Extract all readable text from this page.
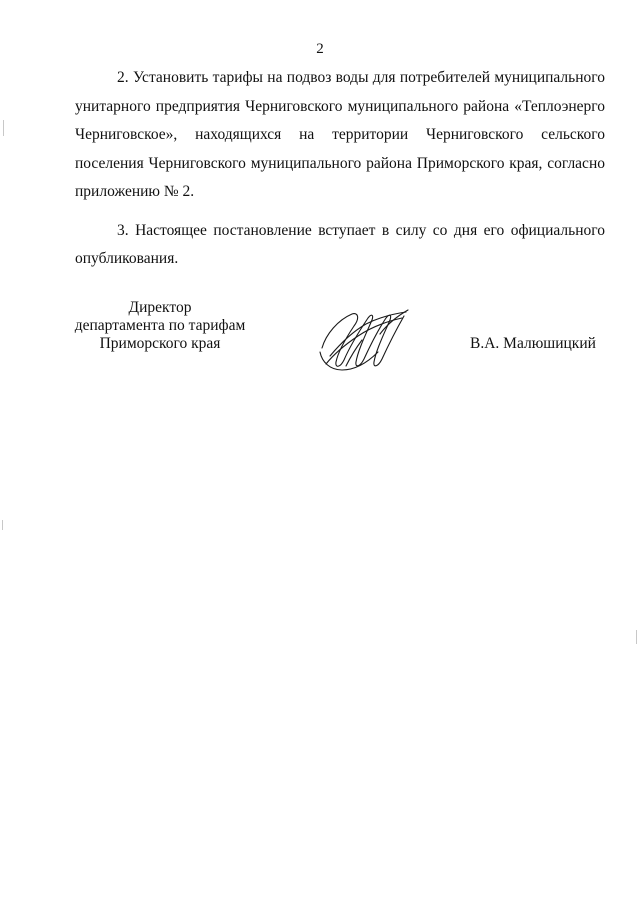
2

2. Установить тарифы на подвоз воды для потребителей муниципального унитарного предприятия Черниговского муниципального района «Теплоэнерго Черниговское», находящихся на территории Черниговского сельского поселения Черниговского муниципального района Приморского края, согласно приложению № 2.

3. Настоящее постановление вступает в силу со дня его официального опубликования.

Директор
департамента по тарифам
Приморского края	В.А. Малюшицкий
